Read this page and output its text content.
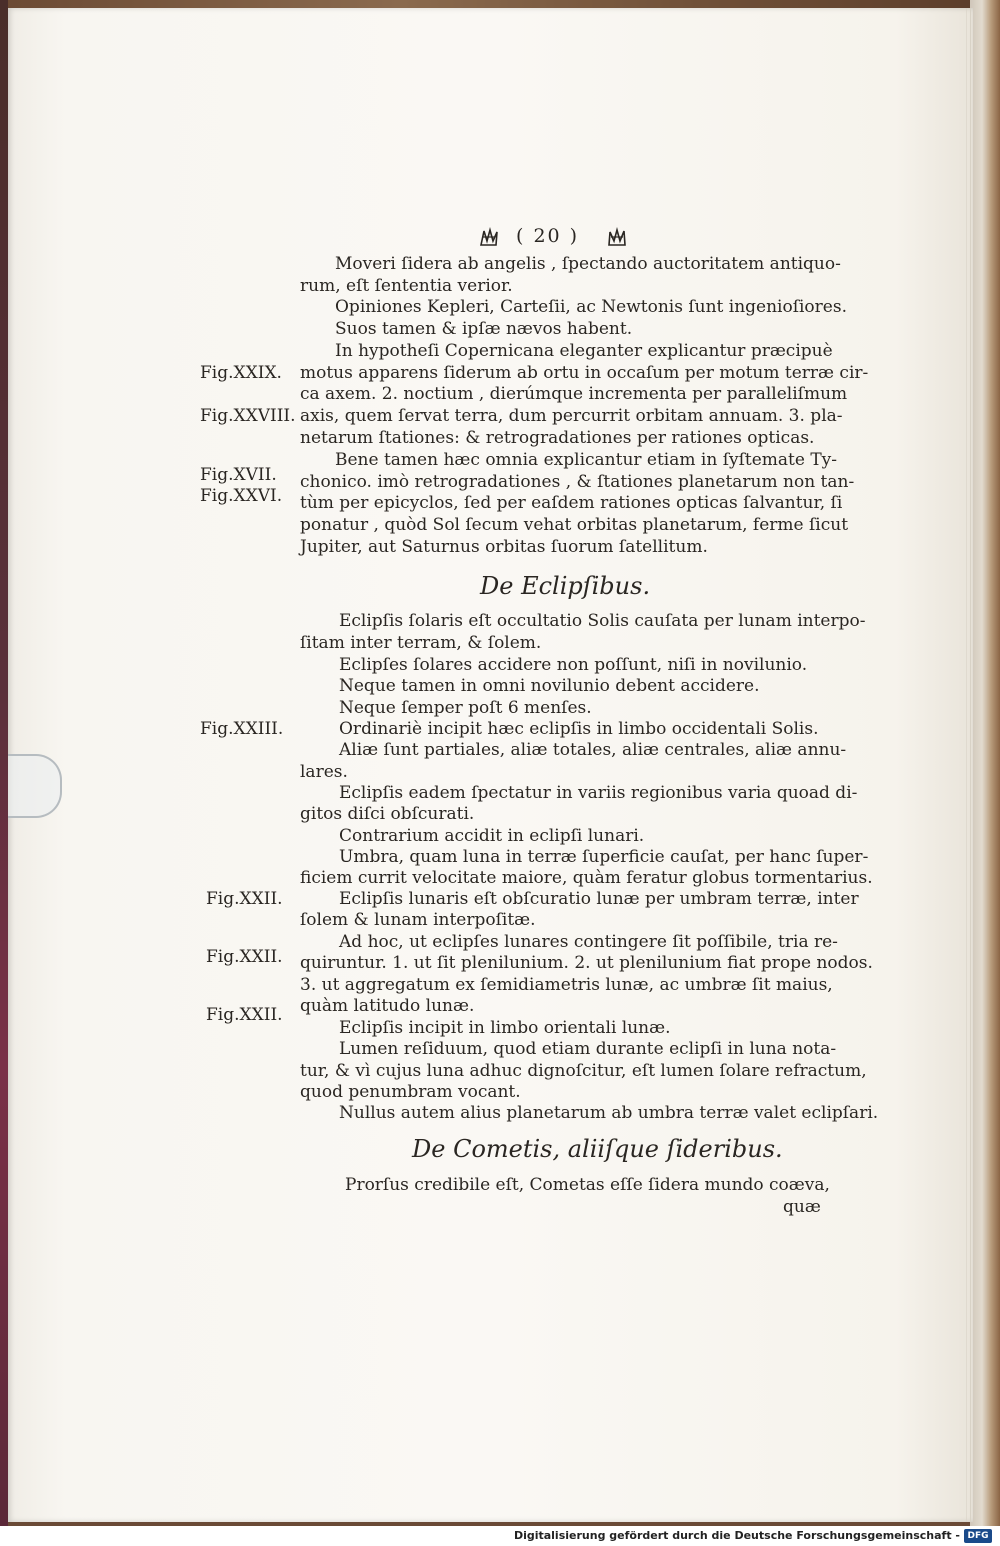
( 20 )
Moveri ſidera ab angelis , ſpectando auctoritatem antiquo-
rum, eſt ſententia verior.
Opiniones Kepleri, Carteſii, ac Newtonis ſunt ingenioſiores.
Suos tamen & ipſæ nævos habent.
In hypotheſi Copernicana eleganter explicantur præcipuè
motus apparens ſiderum ab ortu in occaſum per motum terræ cir-
ca axem. 2. noctium , dierúmque incrementa per paralleliſmum
axis, quem ſervat terra, dum percurrit orbitam annuam. 3. pla-
netarum ſtationes: & retrogradationes per rationes opticas.
Bene tamen hæc omnia explicantur etiam in ſyſtemate Ty-
chonico. imò retrogradationes , & ſtationes planetarum non tan-
tùm per epicyclos, ſed per eaſdem rationes opticas ſalvantur, ſi
ponatur , quòd Sol ſecum vehat orbitas planetarum, ferme ſicut
Jupiter, aut Saturnus orbitas ſuorum ſatellitum.
Fig.XXIX.
Fig.XXVIII.
Fig.XVII.
Fig.XXVI.
De Eclipſibus.
Eclipſis ſolaris eſt occultatio Solis cauſata per lunam interpo-
ſitam inter terram, & ſolem.
Eclipſes ſolares accidere non poſſunt, niſi in novilunio.
Neque tamen in omni novilunio debent accidere.
Neque ſemper poſt 6 menſes.
Ordinariè incipit hæc eclipſis in limbo occidentali Solis.
Aliæ ſunt partiales, aliæ totales, aliæ centrales, aliæ annu-
lares.
Eclipſis eadem ſpectatur in variis regionibus varia quoad di-
gitos diſci obſcurati.
Contrarium accidit in eclipſi lunari.
Umbra, quam luna in terræ ſuperficie cauſat, per hanc ſuper-
ficiem currit velocitate maiore, quàm feratur globus tormentarius.
Eclipſis lunaris eſt obſcuratio lunæ per umbram terræ, inter
ſolem & lunam interpoſitæ.
Ad hoc, ut eclipſes lunares contingere ſit poſſibile, tria re-
quiruntur. 1. ut ſit plenilunium. 2. ut plenilunium fiat prope nodos.
3. ut aggregatum ex ſemidiametris lunæ, ac umbræ ſit maius,
quàm latitudo lunæ.
Eclipſis incipit in limbo orientali lunæ.
Lumen reſiduum, quod etiam durante eclipſi in luna nota-
tur, & vì cujus luna adhuc dignoſcitur, eſt lumen ſolare refractum,
quod penumbram vocant.
Nullus autem alius planetarum ab umbra terræ valet eclipſari.
Fig.XXIII.
Fig.XXII.
Fig.XXII.
Fig.XXII.
De Cometis, aliiſque ſideribus.
Prorſus credibile eſt, Cometas eſſe ſidera mundo coæva,
quæ
Digitalisierung gefördert durch die Deutsche Forschungsgemeinschaft - DFG
